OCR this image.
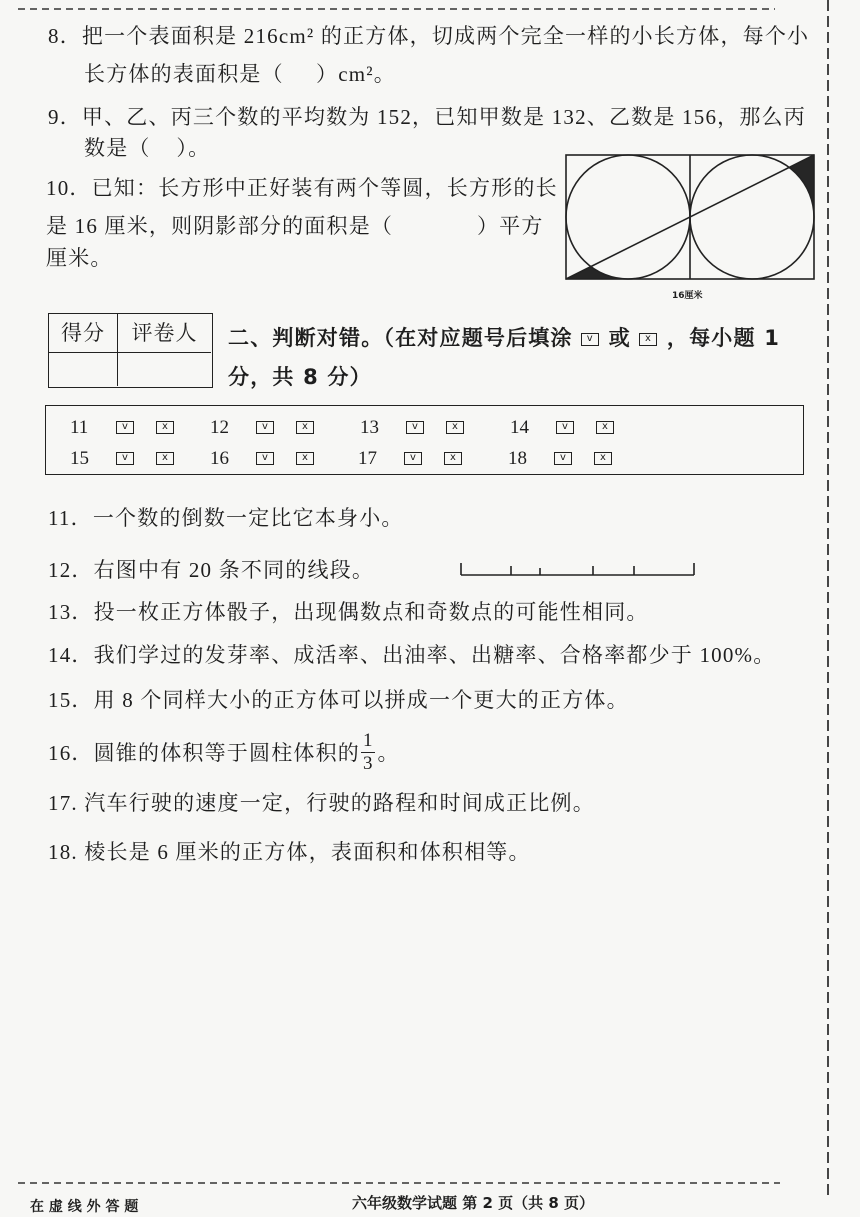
8．把一个表面积是 216cm² 的正方体，切成两个完全一样的小长方体，每个小
长方体的表面积是（     ）cm²。
9．甲、乙、丙三个数的平均数为 152，已知甲数是 132、乙数是 156，那么丙
数是（    ）。
10．已知：长方形中正好装有两个等圆，长方形的长
是 16 厘米，则阴影部分的面积是（             ）平方
厘米。
16厘米
得分	评卷人	二、判断对错。（在对应题号后填涂 v 或 x ，每小题 1
分，共 8 分）
11	v	x	12	v	x	13	v	x	14	v	x
15	v	x	16	v	x	17	v	x	18	v	x
11．一个数的倒数一定比它本身小。
12．右图中有 20 条不同的线段。
13．投一枚正方体骰子，出现偶数点和奇数点的可能性相同。
14．我们学过的发芽率、成活率、出油率、出糖率、合格率都少于 100%。
15．用 8 个同样大小的正方体可以拼成一个更大的正方体。
16． 圆锥的体积等于圆柱体积的 $\frac{1}{3}$ 。
17. 汽车行驶的速度一定，行驶的路程和时间成正比例。
18. 棱长是 6 厘米的正方体，表面积和体积相等。
在 虚 线 外 答 题	六年级数学试题 第 2 页（共 8 页）
